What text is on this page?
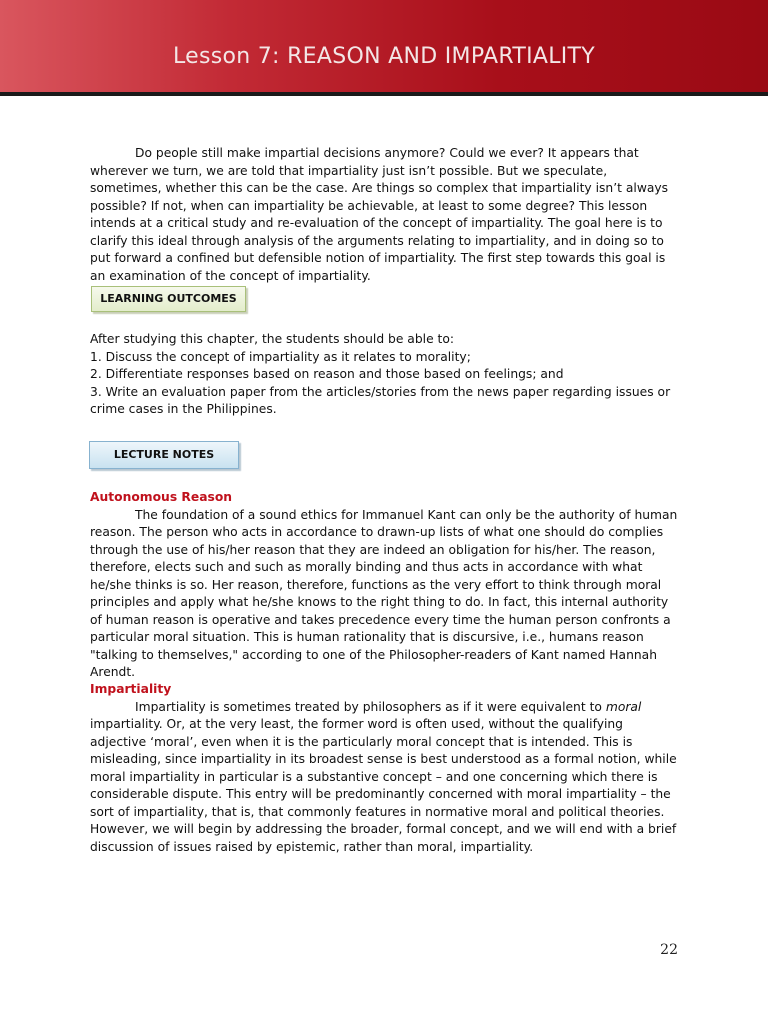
Lesson 7: REASON AND IMPARTIALITY

Do people still make impartial decisions anymore? Could we ever? It appears that wherever we turn, we are told that impartiality just isn’t possible. But we speculate, sometimes, whether this can be the case. Are things so complex that impartiality isn’t always possible? If not, when can impartiality be achievable, at least to some degree? This lesson intends at a critical study and re-evaluation of the concept of impartiality. The goal here is to clarify this ideal through analysis of the arguments relating to impartiality, and in doing so to put forward a confined but defensible notion of impartiality. The first step towards this goal is an examination of the concept of impartiality.

LEARNING OUTCOMES

After studying this chapter, the students should be able to:

1. Discuss the concept of impartiality as it relates to morality;

2. Differentiate responses based on reason and those based on feelings; and

3. Write an evaluation paper from the articles/stories from the news paper regarding issues or crime cases in the Philippines.

LECTURE NOTES

Autonomous Reason

The foundation of a sound ethics for Immanuel Kant can only be the authority of human reason. The person who acts in accordance to drawn-up lists of what one should do complies through the use of his/her reason that they are indeed an obligation for his/her. The reason, therefore, elects such and such as morally binding and thus acts in accordance with what he/she thinks is so. Her reason, therefore, functions as the very effort to think through moral principles and apply what he/she knows to the right thing to do. In fact, this internal authority of human reason is operative and takes precedence every time the human person confronts a particular moral situation. This is human rationality that is discursive, i.e., humans reason "talking to themselves," according to one of the Philosopher-readers of Kant named Hannah Arendt.

Impartiality

Impartiality is sometimes treated by philosophers as if it were equivalent to moral impartiality. Or, at the very least, the former word is often used, without the qualifying adjective ‘moral’, even when it is the particularly moral concept that is intended. This is misleading, since impartiality in its broadest sense is best understood as a formal notion, while moral impartiality in particular is a substantive concept – and one concerning which there is considerable dispute. This entry will be predominantly concerned with moral impartiality – the sort of impartiality, that is, that commonly features in normative moral and political theories. However, we will begin by addressing the broader, formal concept, and we will end with a brief discussion of issues raised by epistemic, rather than moral, impartiality.

22
